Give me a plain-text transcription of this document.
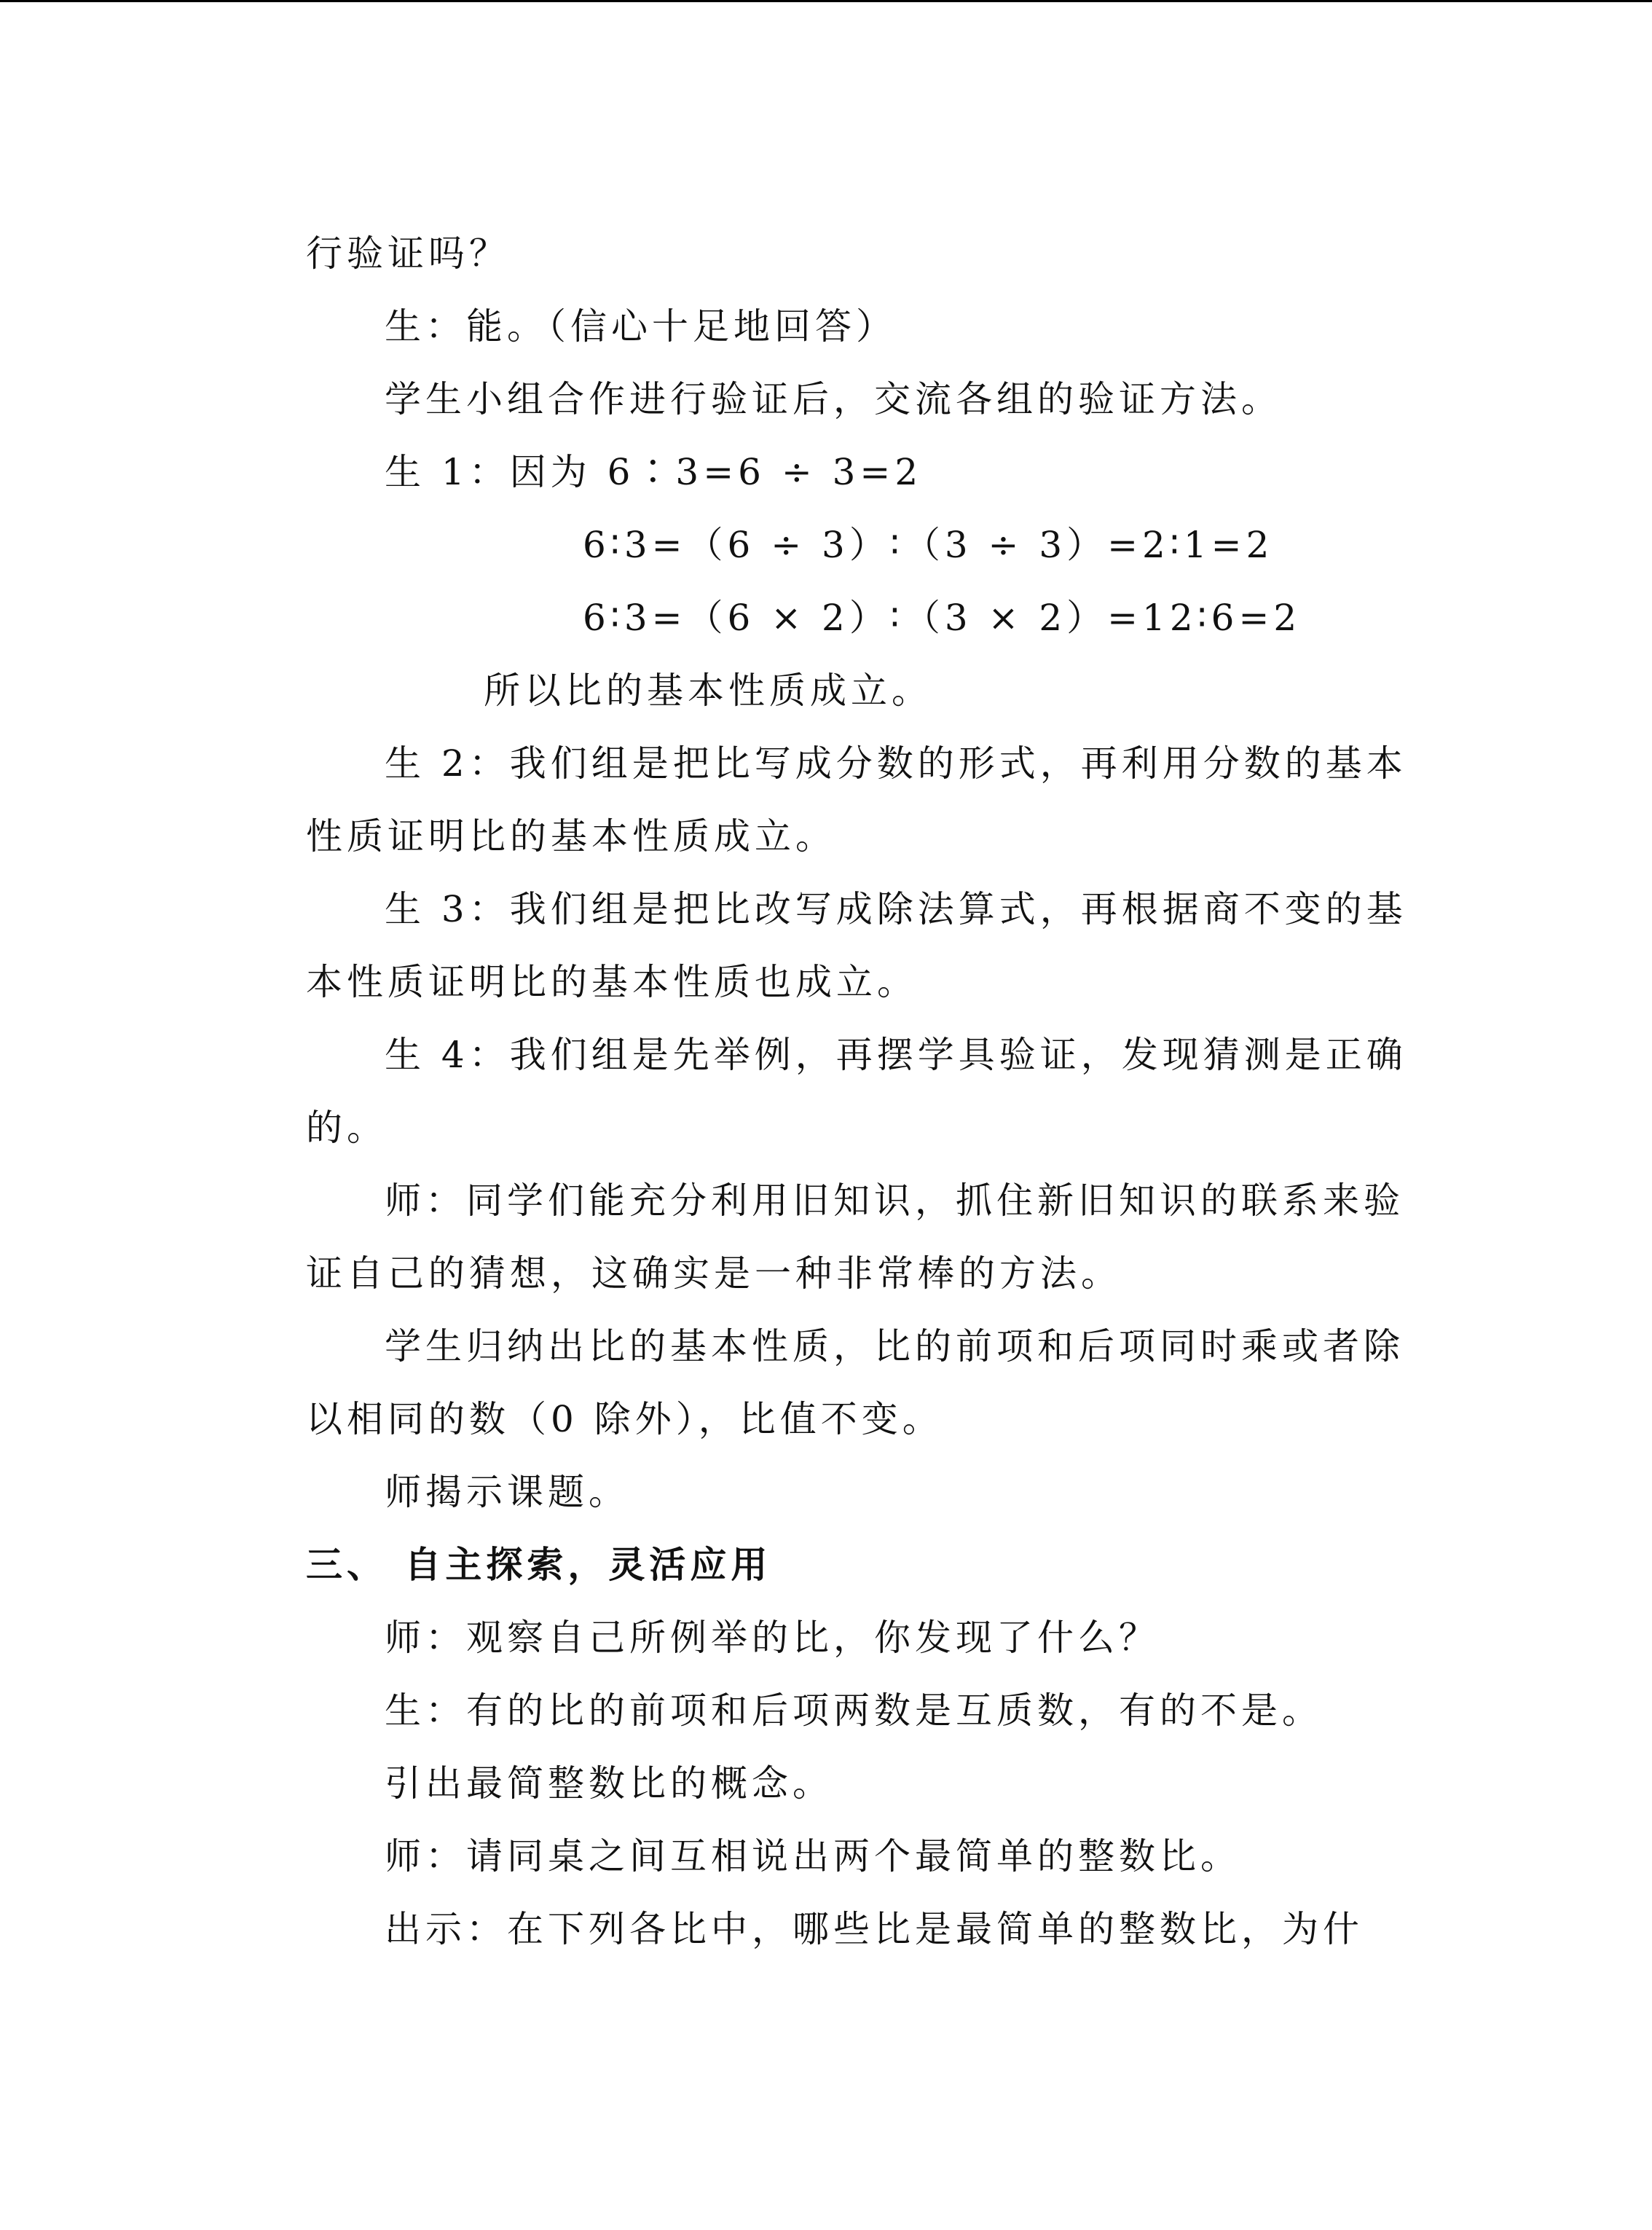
行验证吗？
生：能。（信心十足地回答）
学生小组合作进行验证后，交流各组的验证方法。
生 1：因为 6∶3=6 ÷ 3=2
6∶3=（6 ÷ 3）∶（3 ÷ 3）=2∶1=2
6∶3=（6 × 2）∶（3 × 2）=12∶6=2
所以比的基本性质成立。
生 2：我们组是把比写成分数的形式，再利用分数的基本
性质证明比的基本性质成立。
生 3：我们组是把比改写成除法算式，再根据商不变的基
本性质证明比的基本性质也成立。
生 4：我们组是先举例，再摆学具验证，发现猜测是正确
的。
师：同学们能充分利用旧知识，抓住新旧知识的联系来验
证自己的猜想，这确实是一种非常棒的方法。
学生归纳出比的基本性质，比的前项和后项同时乘或者除
以相同的数（0 除外），比值不变。
师揭示课题。
三、 自主探索，灵活应用
师：观察自己所例举的比，你发现了什么？
生：有的比的前项和后项两数是互质数，有的不是。
引出最简整数比的概念。
师：请同桌之间互相说出两个最简单的整数比。
出示：在下列各比中，哪些比是最简单的整数比，为什
